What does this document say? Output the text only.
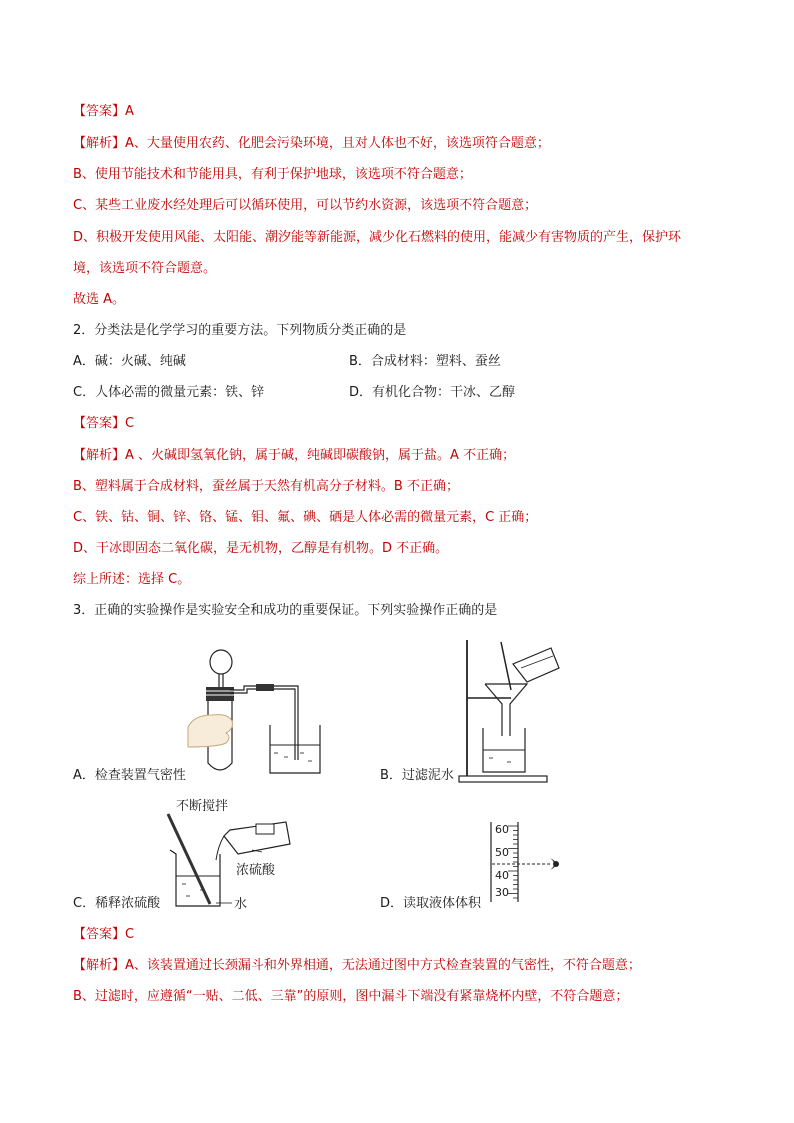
【答案】A
【解析】A、大量使用农药、化肥会污染环境，且对人体也不好，该选项符合题意；
B、使用节能技术和节能用具，有利于保护地球，该选项不符合题意；
C、某些工业废水经处理后可以循环使用，可以节约水资源，该选项不符合题意；
D、积极开发使用风能、太阳能、潮汐能等新能源，减少化石燃料的使用，能减少有害物质的产生，保护环
境，该选项不符合题意。
故选 A。
2．分类法是化学学习的重要方法。下列物质分类正确的是
A．碱：火碱、纯碱	B．合成材料：塑料、蚕丝
C．人体必需的微量元素：铁、锌	D．有机化合物：干冰、乙醇
【答案】C
【解析】A 、火碱即氢氧化钠，属于碱，纯碱即碳酸钠，属于盐。A 不正确；
B、塑料属于合成材料，蚕丝属于天然有机高分子材料。B 不正确；
C、铁、钴、铜、锌、铬、锰、钼、氟、碘、硒是人体必需的微量元素，C 正确；
D、干冰即固态二氧化碳，是无机物，乙醇是有机物。D 不正确。
综上所述：选择 C。
3．正确的实验操作是实验安全和成功的重要保证。下列实验操作正确的是
A．检查装置气密性	B．过滤泥水
不断搅拌
浓硫酸
水
C．稀释浓硫酸
60
50
40
30
D．读取液体体积
【答案】C
【解析】A、该装置通过长颈漏斗和外界相通，无法通过图中方式检查装置的气密性，不符合题意；
B、过滤时，应遵循“一贴、二低、三靠”的原则，图中漏斗下端没有紧靠烧杯内壁，不符合题意；
